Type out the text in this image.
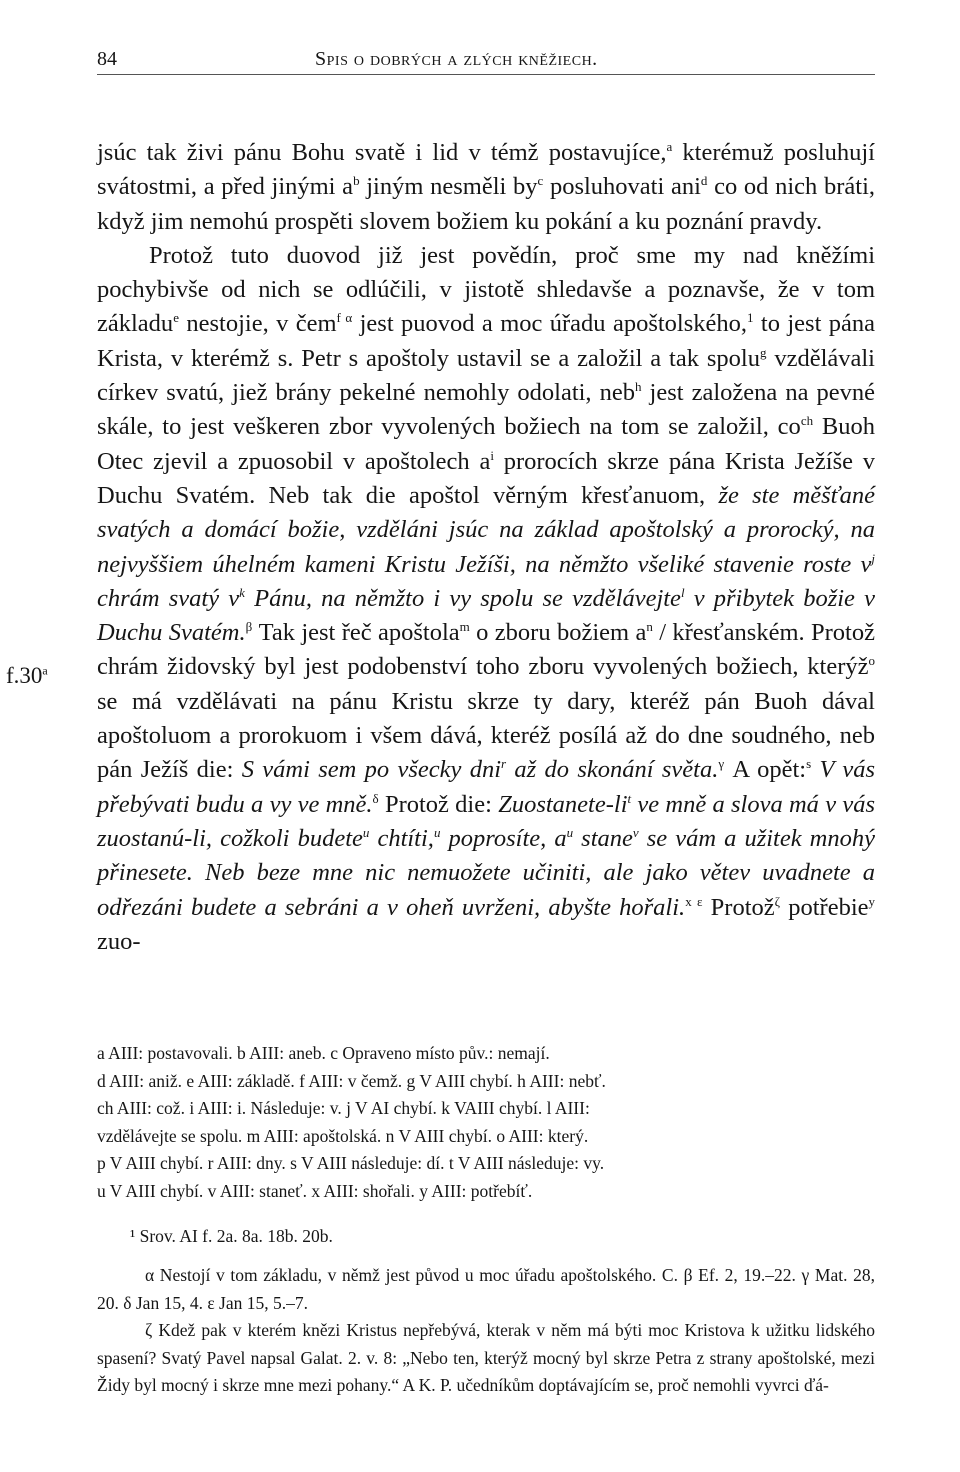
84	Spis o dobrých a zlých kněžiech.
f.30$^a$

jsúc tak živi pánu Bohu svatě i lid v témž postavujíce,$^a$ kterémuž posluhují svátostmi, a před jinými $a^b$ jiným nesměli $by^c$ posluhovati ani$^d$ co od nich bráti, když jim nemohú prospěti slovem božiem ku pokání a ku poznání pravdy.

Protož tuto duovod již jest povědín, proč sme my nad kněžími pochybivše od nich se odlúčili, v jistotě shledavše a poznavše, že v tom základu$^e$ nestojie, v čem$^{f \alpha}$ jest puovod a moc úřadu apoštolského,$^1$ to jest pána Krista, v kterémž s. Petr s apoštoly ustavil se a založil a tak spolu$^g$ vzdělávali církev svatú, jiež brány pekelné nemohly odolati, neb$^h$ jest založena na pevné skále, to jest veškeren zbor vyvolených božiech na tom se založil, $co^{ch}$ Buoh Otec zjevil a zpuosobil v apoštolech $a^i$ prorocích skrze pána Krista Ježíše v Duchu Svatém. Neb tak die apoštol věrným křesťanuom, že ste měšťané svatých a domácí božie, vzděláni jsúc na základ apoštolský a prorocký, na nejvyššiem úhelném kameni Kristu Ježíši, na němžto všeliké stavenie roste $v^j$ chrám svatý $v^k$ Pánu, na němžto i vy spolu se vzdělávejte$^l$ v přibytek božie v Duchu Svatém.$^\beta$ Tak jest řeč apoštola$^m$ o zboru božiem $a^n$ / křesťanském. Protož chrám židovský byl jest podobenství toho zboru vyvolených božiech, kterýž$^o$ se má vzdělávati na pánu Kristu skrze ty dary, kteréž pán Buoh dával apoštoluom a prorokuom i všem dává, kteréž posílá až do dne soudného, neb pán Ježíš die: S vámi sem po všecky dni$^r$ až do skonání světa.$^\gamma$ A opět:$^s$ V vás přebývati budu a vy ve mně.$^\delta$ Protož die: Zuostanete-$li^t$ ve mně a slova má v vás zuostanú-li, cožkoli budete$^u$ chtíti,$^u$ poprosíte, $a^u$ stane$^v$ se vám a užitek mnohý přinesete. Neb beze mne nic nemuožete učiniti, ale jako větev uvadnete a odřezáni budete a sebráni a v oheň uvrženi, abyšte hořali.$^{x \varepsilon}$ Protož$^\zeta$ potřebie$^y$ zuo-

a AIII: postavovali. b AIII: aneb. c Opraveno místo pův.: nemají.
d AIII: aniž. e AIII: základě. f AIII: v čemž. g V AIII chybí. h AIII: nebť.
ch AIII: což. i AIII: i. Následuje: v. j V AI chybí. k VAIII chybí. l AIII:
vzdělávejte se spolu. m AIII: apoštolská. n V AIII chybí. o AIII: který.
p V AIII chybí. r AIII: dny. s V AIII následuje: dí. t V AIII následuje: vy.
u V AIII chybí. v AIII: staneť. x AIII: shořali. y AIII: potřebíť.
¹ Srov. AI f. 2a. 8a. 18b. 20b.

α Nestojí v tom základu, v němž jest původ u moc úřadu apoštolského. C. β Ef. 2, 19.–22. γ Mat. 28, 20. δ Jan 15, 4. ε Jan 15, 5.–7.

ζ Kdež pak v kterém knězi Kristus nepřebývá, kterak v něm má býti moc Kristova k užitku lidského spasení? Svatý Pavel napsal Galat. 2. v. 8: „Nebo ten, kterýž mocný byl skrze Petra z strany apoštolské, mezi Židy byl mocný i skrze mne mezi pohany.“ A K. P. učedníkům doptávajícím se, proč nemohli vyvrci ďá-
